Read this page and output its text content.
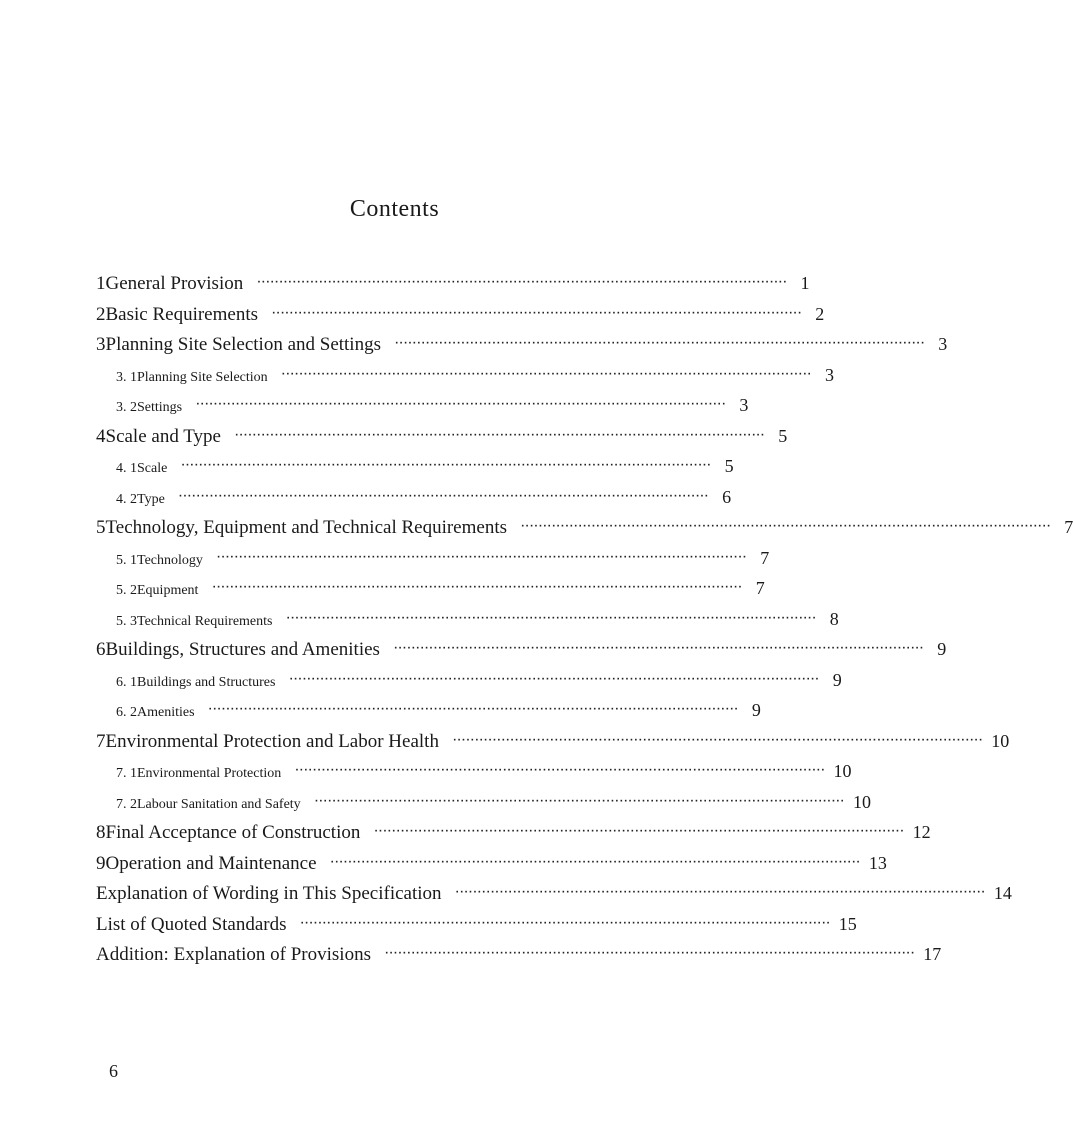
Contents
1 General Provision	························································································································ 1
2 Basic Requirements	························································································································ 2
3 Planning Site Selection and Settings	························································································································ 3
3. 1 Planning Site Selection	························································································································ 3
3. 2 Settings	························································································································ 3
4 Scale and Type	························································································································ 5
4. 1 Scale	························································································································ 5
4. 2 Type	························································································································ 6
5 Technology, Equipment and Technical Requirements	························································································································ 7
5. 1 Technology	························································································································ 7
5. 2 Equipment	························································································································ 7
5. 3 Technical Requirements	························································································································ 8
6 Buildings, Structures and Amenities	························································································································ 9
6. 1 Buildings and Structures	························································································································ 9
6. 2 Amenities	························································································································ 9
7 Environmental Protection and Labor Health	························································································································ 10
7. 1 Environmental Protection	························································································································ 10
7. 2 Labour Sanitation and Safety	························································································································ 10
8 Final Acceptance of Construction	························································································································ 12
9 Operation and Maintenance	························································································································ 13
Explanation of Wording in This Specification	························································································································ 14
List of Quoted Standards	························································································································ 15
Addition: Explanation of Provisions	························································································································ 17
6
